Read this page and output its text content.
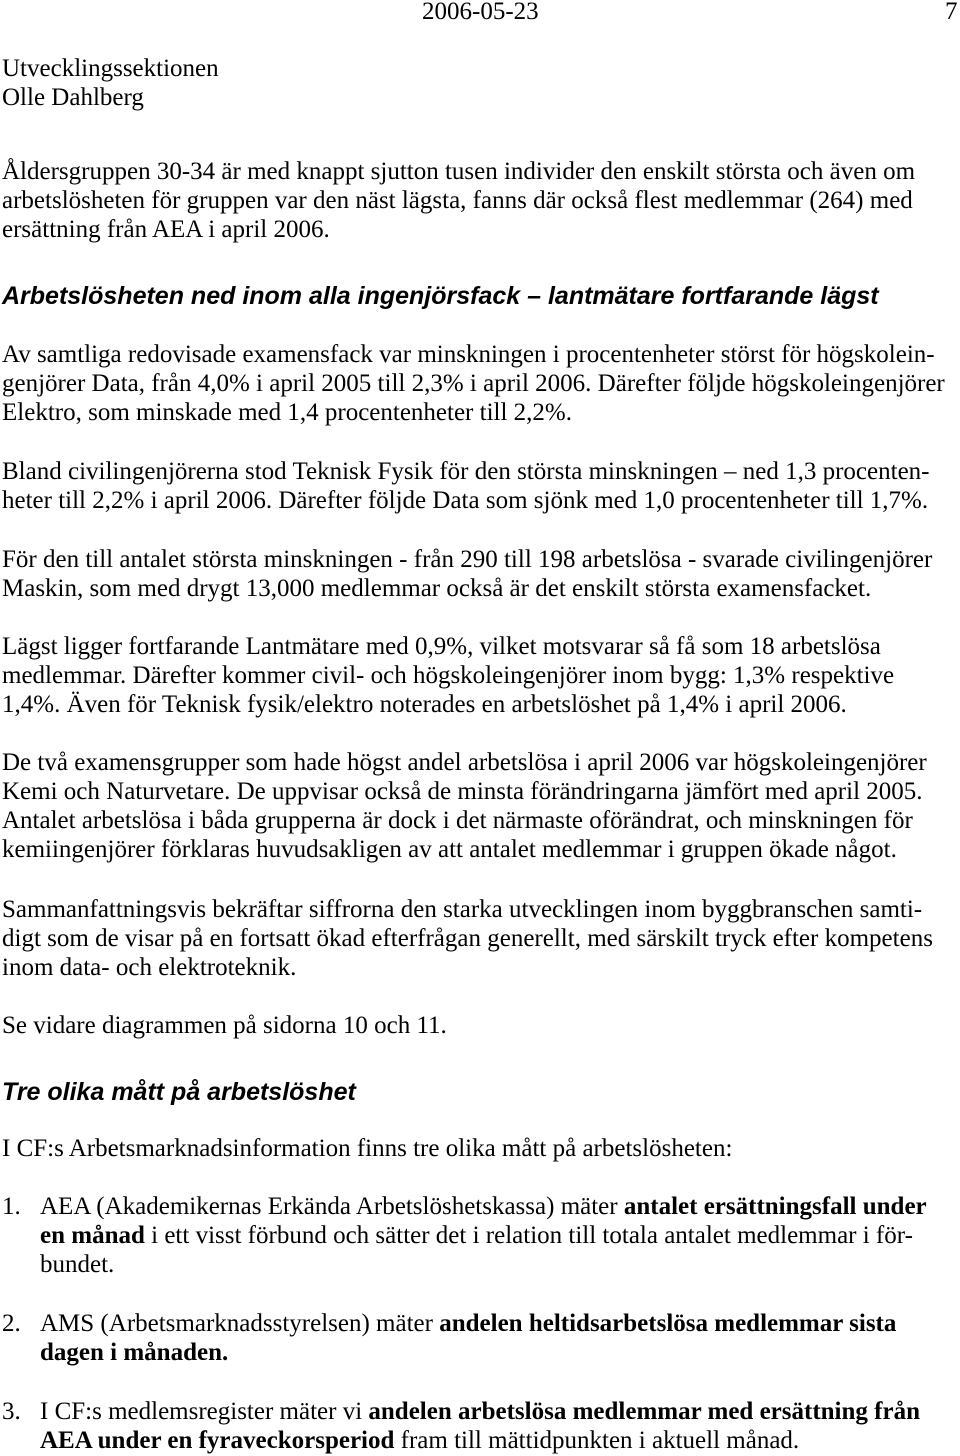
2006-05-23	7
Utvecklingssektionen
Olle Dahlberg
Åldersgruppen 30-34 är med knappt sjutton tusen individer den enskilt största och även om
arbetslösheten för gruppen var den näst lägsta, fanns där också flest medlemmar (264) med
ersättning från AEA i april 2006.
Arbetslösheten ned inom alla ingenjörsfack – lantmätare fortfarande lägst
Av samtliga redovisade examensfack var minskningen i procentenheter störst för högskolein-
genjörer Data, från 4,0% i april 2005 till 2,3% i april 2006. Därefter följde högskoleingenjörer
Elektro, som minskade med 1,4 procentenheter till 2,2%.
Bland civilingenjörerna stod Teknisk Fysik för den största minskningen – ned 1,3 procenten-
heter till 2,2% i april 2006. Därefter följde Data som sjönk med 1,0 procentenheter till 1,7%.
För den till antalet största minskningen - från 290 till 198 arbetslösa - svarade civilingenjörer
Maskin, som med drygt 13,000 medlemmar också är det enskilt största examensfacket.
Lägst ligger fortfarande Lantmätare med 0,9%, vilket motsvarar så få som 18 arbetslösa
medlemmar. Därefter kommer civil- och högskoleingenjörer inom bygg: 1,3% respektive
1,4%. Även för Teknisk fysik/elektro noterades en arbetslöshet på 1,4% i april 2006.
De två examensgrupper som hade högst andel arbetslösa i april 2006 var högskoleingenjörer
Kemi och Naturvetare. De uppvisar också de minsta förändringarna jämfört med april 2005.
Antalet arbetslösa i båda grupperna är dock i det närmaste oförändrat, och minskningen för
kemiingenjörer förklaras huvudsakligen av att antalet medlemmar i gruppen ökade något.
Sammanfattningsvis bekräftar siffrorna den starka utvecklingen inom byggbranschen samti-
digt som de visar på en fortsatt ökad efterfrågan generellt, med särskilt tryck efter kompetens
inom data- och elektroteknik.
Se vidare diagrammen på sidorna 10 och 11.
Tre olika mått på arbetslöshet
I CF:s Arbetsmarknadsinformation finns tre olika mått på arbetslösheten:
1. AEA (Akademikernas Erkända Arbetslöshetskassa) mäter antalet ersättningsfall under
en månad i ett visst förbund och sätter det i relation till totala antalet medlemmar i för-
bundet.
2. AMS (Arbetsmarknadsstyrelsen) mäter andelen heltidsarbetslösa medlemmar sista
dagen i månaden.
3. I CF:s medlemsregister mäter vi andelen arbetslösa medlemmar med ersättning från
AEA under en fyraveckorsperiod fram till mättidpunkten i aktuell månad.
